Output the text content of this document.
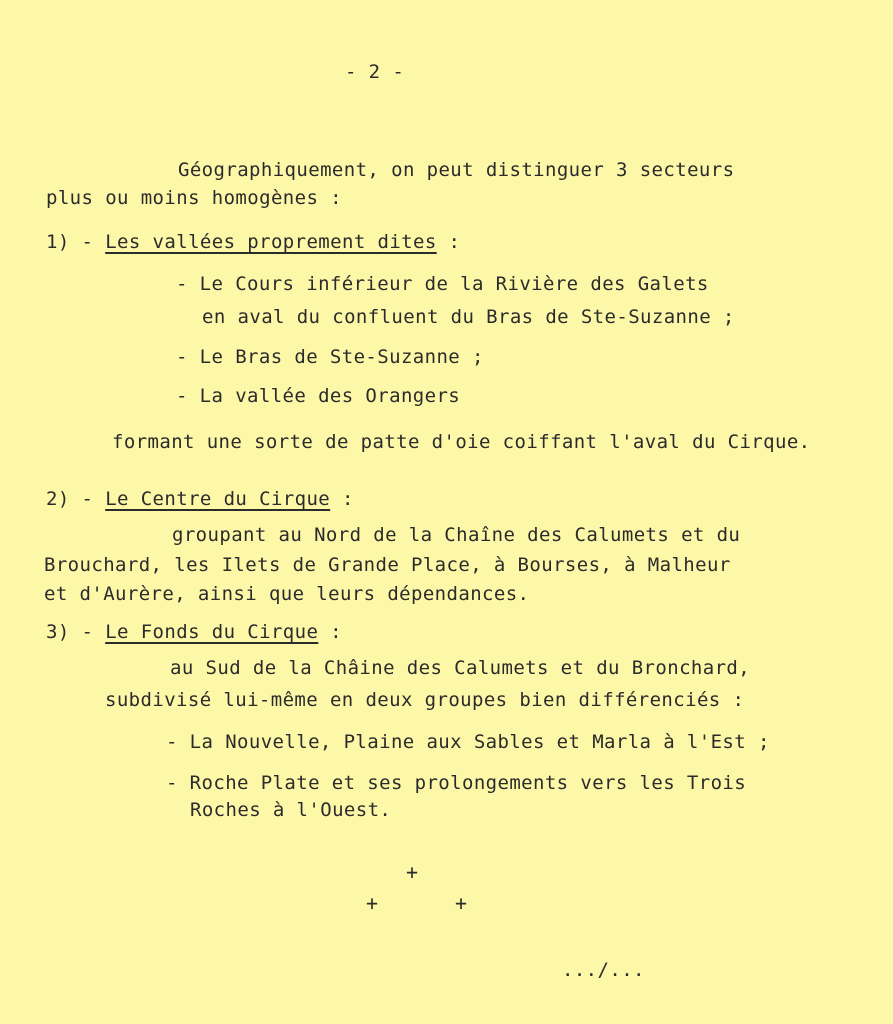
- 2 -
Géographiquement, on peut distinguer 3 secteurs
plus ou moins homogènes :
1) - Les vallées proprement dites :
- Le Cours inférieur de la Rivière des Galets
en aval du confluent du Bras de Ste-Suzanne ;
- Le Bras de Ste-Suzanne ;
- La vallée des Orangers
formant une sorte de patte d'oie coiffant l'aval du Cirque.
2) - Le Centre du Cirque :
groupant au Nord de la Chaîne des Calumets et du
Brouchard, les Ilets de Grande Place, à Bourses, à Malheur
et d'Aurère, ainsi que leurs dépendances.
3) - Le Fonds du Cirque :
au Sud de la Châine des Calumets et du Bronchard,
subdivisé lui-même en deux groupes bien différenciés :
- La Nouvelle, Plaine aux Sables et Marla à l'Est ;
- Roche Plate et ses prolongements vers les Trois
Roches à l'Ouest.
+
+	+
.../...
